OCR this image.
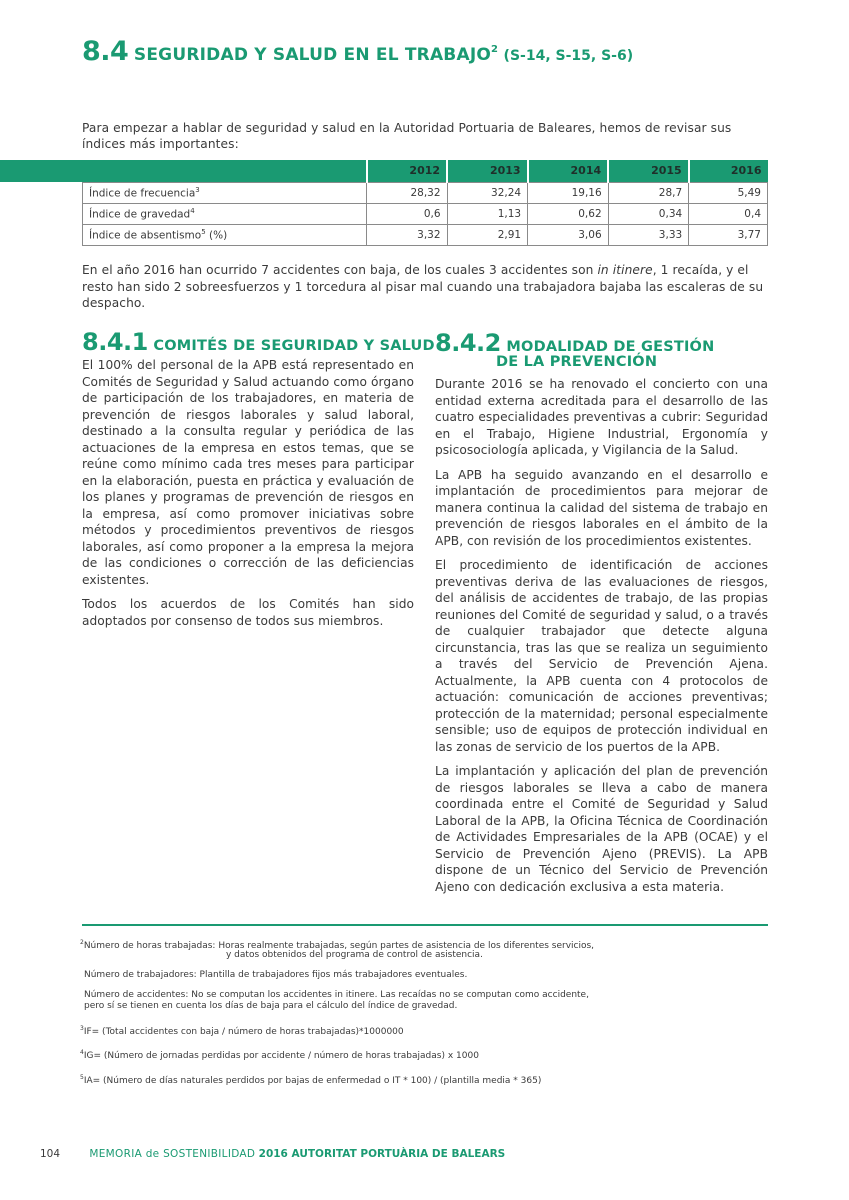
8.4 SEGURIDAD Y SALUD EN EL TRABAJO$^2$ (S-14, S-15, S-6)

Para empezar a hablar de seguridad y salud en la Autoridad Portuaria de Baleares, hemos de revisar sus índices más importantes:

	2012	2013	2014	2015	2016
Índice de frecuencia$^3$	28,32	32,24	19,16	28,7	5,49
Índice de gravedad$^4$	0,6	1,13	0,62	0,34	0,4
Índice de absentismo$^5$ (%)	3,32	2,91	3,06	3,33	3,77

En el año 2016 han ocurrido 7 accidentes con baja, de los cuales 3 accidentes son in itinere, 1 recaída, y el resto han sido 2 sobreesfuerzos y 1 torcedura al pisar mal cuando una trabajadora bajaba las escaleras de su despacho.

8.4.1 COMITÉS DE SEGURIDAD Y SALUD

El 100% del personal de la APB está representado en Comités de Seguridad y Salud actuando como órgano de participación de los trabajadores, en materia de prevención de riesgos laborales y salud laboral, destinado a la consulta regular y periódica de las actuaciones de la empresa en estos temas, que se reúne como mínimo cada tres meses para participar en la elaboración, puesta en práctica y evaluación de los planes y programas de prevención de riesgos en la empresa, así como promover iniciativas sobre métodos y procedimientos preventivos de riesgos laborales, así como proponer a la empresa la mejora de las condiciones o corrección de las deficiencias existentes.

Todos los acuerdos de los Comités han sido adoptados por consenso de todos sus miembros.

8.4.2 MODALIDAD DE GESTIÓN
DE LA PREVENCIÓN

Durante 2016 se ha renovado el concierto con una entidad externa acreditada para el desarrollo de las cuatro especialidades preventivas a cubrir: Seguridad en el Trabajo, Higiene Industrial, Ergonomía y psicosociología aplicada, y Vigilancia de la Salud.

La APB ha seguido avanzando en el desarrollo e implantación de procedimientos para mejorar de manera continua la calidad del sistema de trabajo en prevención de riesgos laborales en el ámbito de la APB, con revisión de los procedimientos existentes.

El procedimiento de identificación de acciones preventivas deriva de las evaluaciones de riesgos, del análisis de accidentes de trabajo, de las propias reuniones del Comité de seguridad y salud, o a través de cualquier trabajador que detecte alguna circunstancia, tras las que se realiza un seguimiento a través del Servicio de Prevención Ajena. Actualmente, la APB cuenta con 4 protocolos de actuación: comunicación de acciones preventivas; protección de la maternidad; personal especialmente sensible; uso de equipos de protección individual en las zonas de servicio de los puertos de la APB.

La implantación y aplicación del plan de prevención de riesgos laborales se lleva a cabo de manera coordinada entre el Comité de Seguridad y Salud Laboral de la APB, la Oficina Técnica de Coordinación de Actividades Empresariales de la APB (OCAE) y el Servicio de Prevención Ajeno (PREVIS). La APB dispone de un Técnico del Servicio de Prevención Ajeno con dedicación exclusiva a esta materia.

$^2$Número de horas trabajadas: Horas realmente trabajadas, según partes de asistencia de los diferentes servicios,
y datos obtenidos del programa de control de asistencia.
Número de trabajadores: Plantilla de trabajadores fijos más trabajadores eventuales.
Número de accidentes: No se computan los accidentes in itinere. Las recaídas no se computan como accidente,
pero sí se tienen en cuenta los días de baja para el cálculo del índice de gravedad.
$^3$IF= (Total accidentes con baja / número de horas trabajadas)*1000000
$^4$IG= (Número de jornadas perdidas por accidente / número de horas trabajadas) x 1000
$^5$IA= (Número de días naturales perdidos por bajas de enfermedad o IT * 100) / (plantilla media * 365)
104	MEMORIA de SOSTENIBILIDAD 2016 AUTORITAT PORTUÀRIA DE BALEARS
